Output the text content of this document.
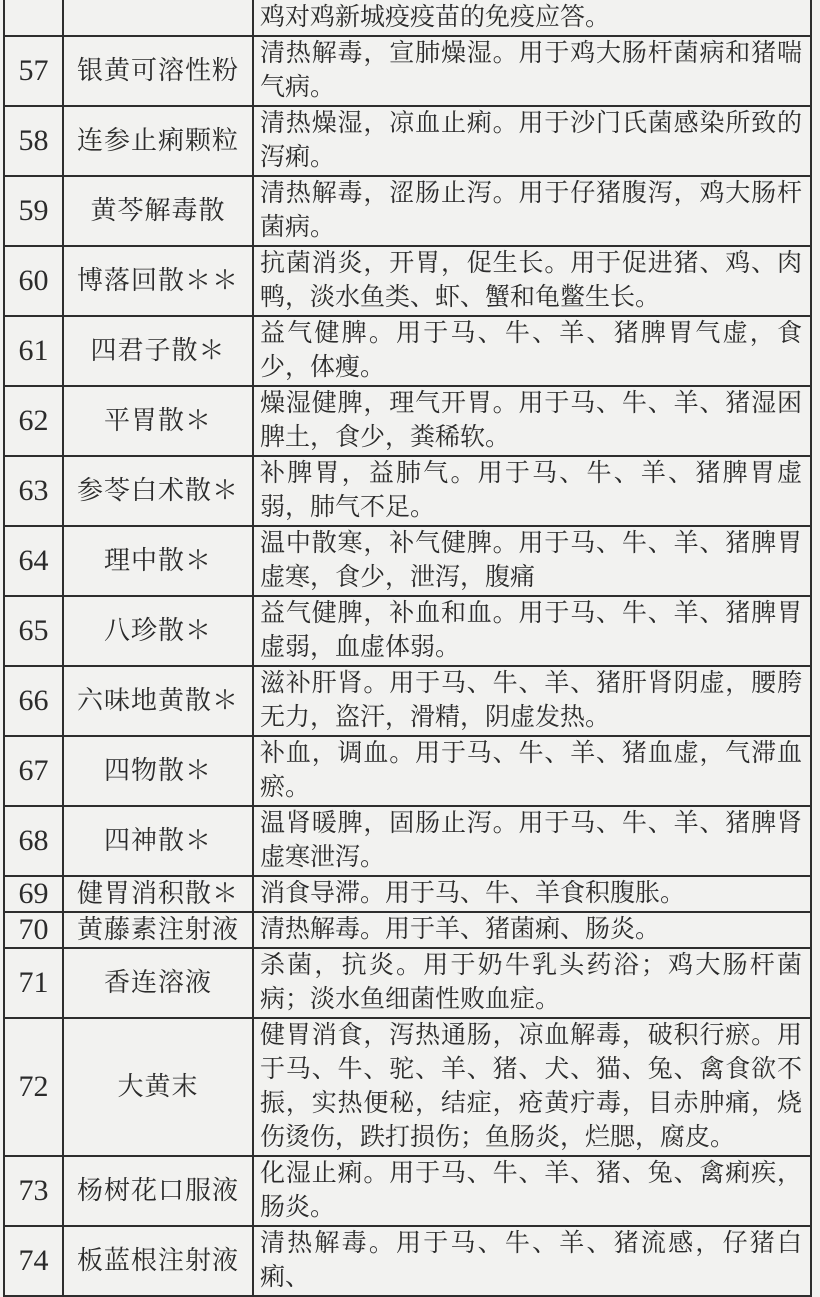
		鸡对鸡新城疫疫苗的免疫应答。
57	银黄可溶性粉	清热解毒，宣肺燥湿。用于鸡大肠杆菌病和猪喘气病。
58	连参止痢颗粒	清热燥湿，凉血止痢。用于沙门氏菌感染所致的泻痢。
59	黄芩解毒散	清热解毒，涩肠止泻。用于仔猪腹泻，鸡大肠杆菌病。
60	博落回散＊＊	抗菌消炎，开胃，促生长。用于促进猪、鸡、肉鸭，淡水鱼类、虾、蟹和龟鳖生长。
61	四君子散＊	益气健脾。用于马、牛、羊、猪脾胃气虚，食少，体瘦。
62	平胃散＊	燥湿健脾，理气开胃。用于马、牛、羊、猪湿困脾土，食少，粪稀软。
63	参苓白术散＊	补脾胃，益肺气。用于马、牛、羊、猪脾胃虚弱，肺气不足。
64	理中散＊	温中散寒，补气健脾。用于马、牛、羊、猪脾胃虚寒，食少，泄泻，腹痛
65	八珍散＊	益气健脾，补血和血。用于马、牛、羊、猪脾胃虚弱，血虚体弱。
66	六味地黄散＊	滋补肝肾。用于马、牛、羊、猪肝肾阴虚，腰胯无力，盗汗，滑精，阴虚发热。
67	四物散＊	补血，调血。用于马、牛、羊、猪血虚，气滞血瘀。
68	四神散＊	温肾暖脾，固肠止泻。用于马、牛、羊、猪脾肾虚寒泄泻。
69	健胃消积散＊	消食导滞。用于马、牛、羊食积腹胀。
70	黄藤素注射液	清热解毒。用于羊、猪菌痢、肠炎。
71	香连溶液	杀菌，抗炎。用于奶牛乳头药浴；鸡大肠杆菌病；淡水鱼细菌性败血症。
72	大黄末	健胃消食，泻热通肠，凉血解毒，破积行瘀。用于马、牛、驼、羊、猪、犬、猫、兔、禽食欲不振，实热便秘，结症，疮黄疔毒，目赤肿痛，烧伤烫伤，跌打损伤；鱼肠炎，烂腮，腐皮。
73	杨树花口服液	化湿止痢。用于马、牛、羊、猪、兔、禽痢疾，肠炎。
74	板蓝根注射液	清热解毒。用于马、牛、羊、猪流感，仔猪白痢、
